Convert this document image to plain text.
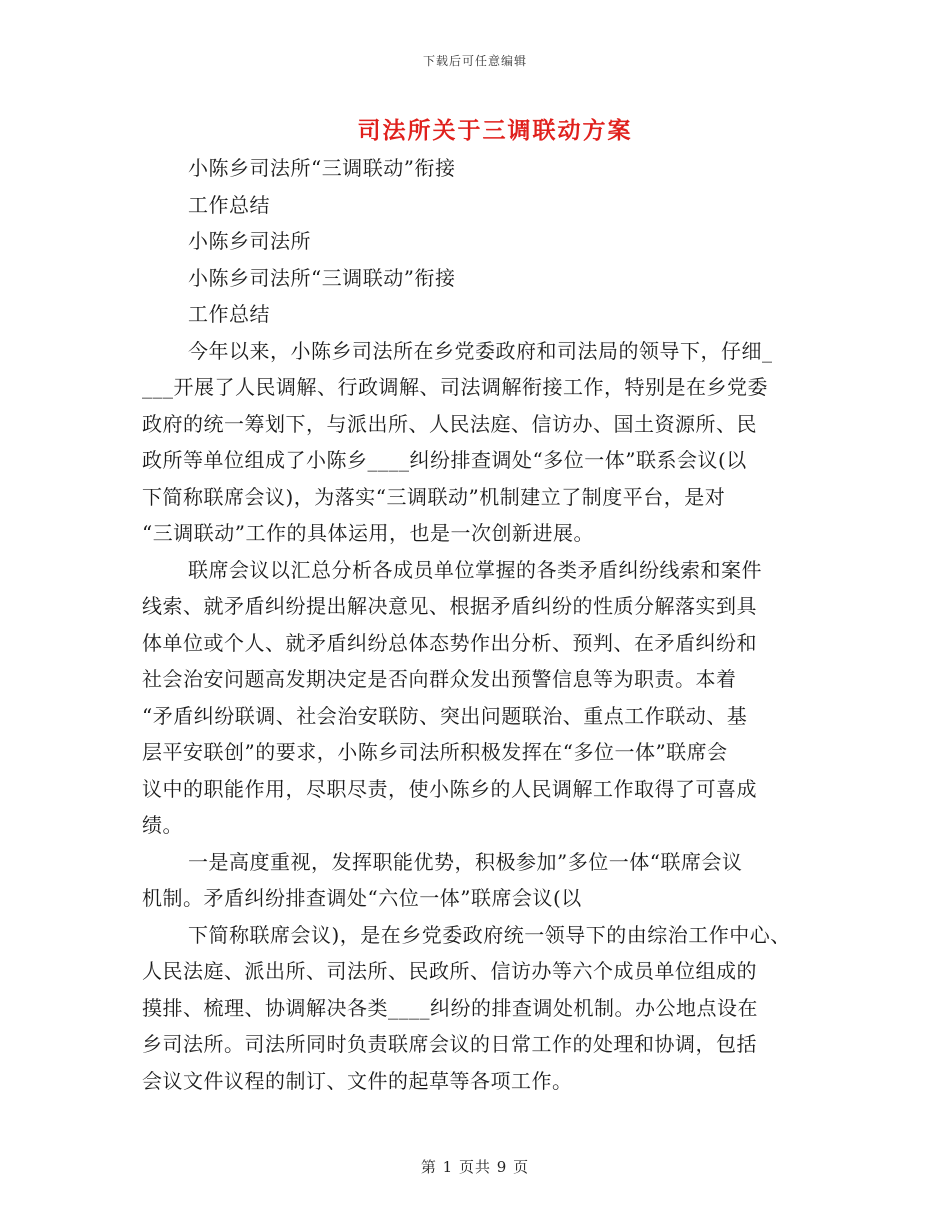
下载后可任意编辑
司法所关于三调联动方案
小陈乡司法所“三调联动”衔接
工作总结
小陈乡司法所
小陈乡司法所“三调联动”衔接
工作总结
今年以来，小陈乡司法所在乡党委政府和司法局的领导下，仔细_
___开展了人民调解、行政调解、司法调解衔接工作，特别是在乡党委
政府的统一筹划下，与派出所、人民法庭、信访办、国土资源所、民
政所等单位组成了小陈乡____纠纷排查调处“多位一体”联系会议(以
下简称联席会议)，为落实“三调联动”机制建立了制度平台，是对
“三调联动”工作的具体运用，也是一次创新进展。
联席会议以汇总分析各成员单位掌握的各类矛盾纠纷线索和案件
线索、就矛盾纠纷提出解决意见、根据矛盾纠纷的性质分解落实到具
体单位或个人、就矛盾纠纷总体态势作出分析、预判、在矛盾纠纷和
社会治安问题高发期决定是否向群众发出预警信息等为职责。本着
“矛盾纠纷联调、社会治安联防、突出问题联治、重点工作联动、基
层平安联创”的要求，小陈乡司法所积极发挥在“多位一体”联席会
议中的职能作用，尽职尽责，使小陈乡的人民调解工作取得了可喜成
绩。
一是高度重视，发挥职能优势，积极参加”多位一体“联席会议
机制。矛盾纠纷排查调处“六位一体”联席会议(以
下简称联席会议)，是在乡党委政府统一领导下的由综治工作中心、
人民法庭、派出所、司法所、民政所、信访办等六个成员单位组成的
摸排、梳理、协调解决各类____纠纷的排查调处机制。办公地点设在
乡司法所。司法所同时负责联席会议的日常工作的处理和协调，包括
会议文件议程的制订、文件的起草等各项工作。
第 1 页共 9 页
